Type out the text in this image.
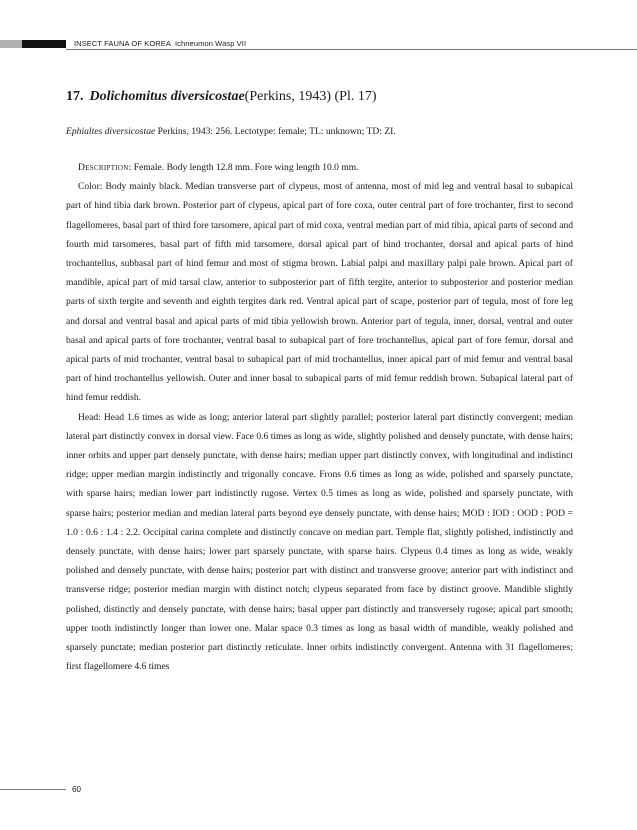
INSECT FAUNA OF KOREA Ichneumon Wasp VII
17. Dolichomitus diversicostae(Perkins, 1943) (Pl. 17)
Ephialtes diversicostae Perkins, 1943: 256. Lectotype: female; TL: unknown; TD: ZI.

Description: Female. Body length 12.8 mm. Fore wing length 10.0 mm.

Color: Body mainly black. Median transverse part of clypeus, most of antenna, most of mid leg and ventral basal to subapical part of hind tibia dark brown. Posterior part of clypeus, apical part of fore coxa, outer central part of fore trochanter, first to second flagellomeres, basal part of third fore tarsomere, apical part of mid coxa, ventral median part of mid tibia, apical parts of second and fourth mid tarsomeres, basal part of fifth mid tarsomere, dorsal apical part of hind trochanter, dorsal and apical parts of hind trochantellus, subbasal part of hind femur and most of stigma brown. Labial palpi and maxillary palpi pale brown. Apical part of mandible, apical part of mid tarsal claw, anterior to subposterior part of fifth tergite, anterior to subposterior and posterior median parts of sixth tergite and seventh and eighth tergites dark red. Ventral apical part of scape, posterior part of tegula, most of fore leg and dorsal and ventral basal and apical parts of mid tibia yellowish brown. Anterior part of tegula, inner, dorsal, ventral and outer basal and apical parts of fore trochanter, ventral basal to subapical part of fore trochantellus, apical part of fore femur, dorsal and apical parts of mid trochanter, ventral basal to subapical part of mid trochantellus, inner apical part of mid femur and ventral basal part of hind trochantellus yellowish. Outer and inner basal to subapical parts of mid femur reddish brown. Subapical lateral part of hind femur reddish.

Head: Head 1.6 times as wide as long; anterior lateral part slightly parallel; posterior lateral part distinctly convergent; median lateral part distinctly convex in dorsal view. Face 0.6 times as long as wide, slightly polished and densely punctate, with dense hairs; inner orbits and upper part densely punctate, with dense hairs; median upper part distinctly convex, with longitudinal and indistinct ridge; upper median margin indistinctly and trigonally concave. Frons 0.6 times as long as wide, polished and sparsely punctate, with sparse hairs; median lower part indistinctly rugose. Vertex 0.5 times as long as wide, polished and sparsely punctate, with sparse hairs; posterior median and median lateral parts beyond eye densely punctate, with dense hairs; MOD : IOD : OOD : POD = 1.0 : 0.6 : 1.4 : 2.2. Occipital carina complete and distinctly concave on median part. Temple flat, slightly polished, indistinctly and densely punctate, with dense hairs; lower part sparsely punctate, with sparse hairs. Clypeus 0.4 times as long as wide, weakly polished and densely punctate, with dense hairs; posterior part with distinct and transverse groove; anterior part with indistinct and transverse ridge; posterior median margin with distinct notch; clypeus separated from face by distinct groove. Mandible slightly polished, distinctly and densely punctate, with dense hairs; basal upper part distinctly and transversely rugose; apical part smooth; upper tooth indistinctly longer than lower one. Malar space 0.3 times as long as basal width of mandible, weakly polished and sparsely punctate; median posterior part distinctly reticulate. Inner orbits indistinctly convergent. Antenna with 31 flagellomeres; first flagellomere 4.6 times

60
